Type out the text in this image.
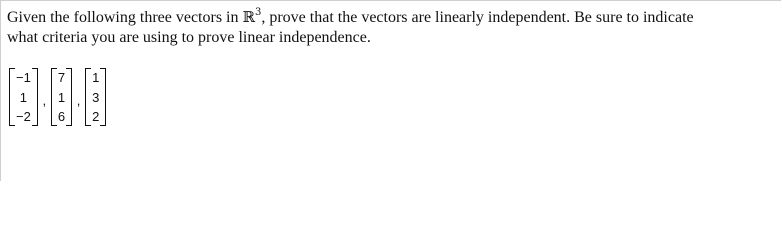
Given the following three vectors in ℝ$^3$, prove that the vectors are linearly independent. Be sure to indicate
what criteria you are using to prove linear independence.
−1
1
−2
,
7
1
6
,
1
3
2
